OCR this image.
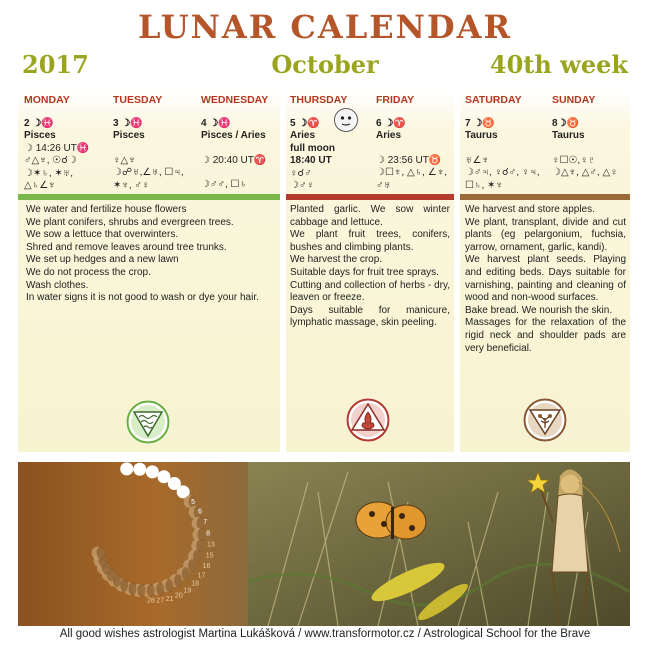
LUNAR CALENDAR
2017	October	40th week
MONDAY
2 ☽♓
Pisces
☽ 14:26 UT♓
♂△♆, ☉☌☽
☽✶♄, ✶♅,
△♄∠♆
TUESDAY
3 ☽♓
Pisces
♀△♆
☽☍♅,∠♅, ☐♃,
✶♆, ♂♀
WEDNESDAY
4 ☽♓
Pisces / Aries
☽ 20:40 UT♈
☽♂♂, ☐♄
THURSDAY
5 ☽♈
Aries
full moon
18:40 UT
♀☌♂
☽♂♀
FRIDAY
6 ☽♈
Aries
☽ 23:56 UT♉
☽☐♆, △♄, ∠♆,
♂♅
SATURDAY
7 ☽♉
Taurus
♅∠♆
☽♂♃, ♀☌♂, ♀♃,
☐♄, ✶♆
SUNDAY
8☽♉
Taurus
♀☐☉,♀♇
☽△♆, △♂, △♀
We water and fertilize house flowers
We plant conifers, shrubs and evergreen trees.
We sow a lettuce that overwinters.
Shred and remove leaves around tree trunks.
We set up hedges and a new lawn
We do not process the crop.
Wash clothes.
In water signs it is not good to wash or dye your hair.
Planted garlic. We sow winter cabbage and lettuce.
We plant fruit trees, conifers, bushes and climbing plants.
We harvest the crop.
Suitable days for fruit tree sprays.
Cutting and collection of herbs - dry, leaven or freeze.
Days suitable for manicure, lymphatic massage, skin peeling.
We harvest and store apples.
We plant, transplant, divide and cut plants (eg pelargonium, fuchsia, yarrow, ornament, garlic, kandi).
We harvest plant seeds. Playing and editing beds. Days suitable for varnishing, painting and cleaning of wood and non-wood surfaces.
Bake bread. We nourish the skin.
Massages for the relaxation of the rigid neck and shoulder pads are very beneficial.
2
4
5
6
7
8
13
15
16
17
18
19
20
21
27
28
All good wishes astrologist Martina Lukášková / www.transformotor.cz / Astrological School for the Brave
